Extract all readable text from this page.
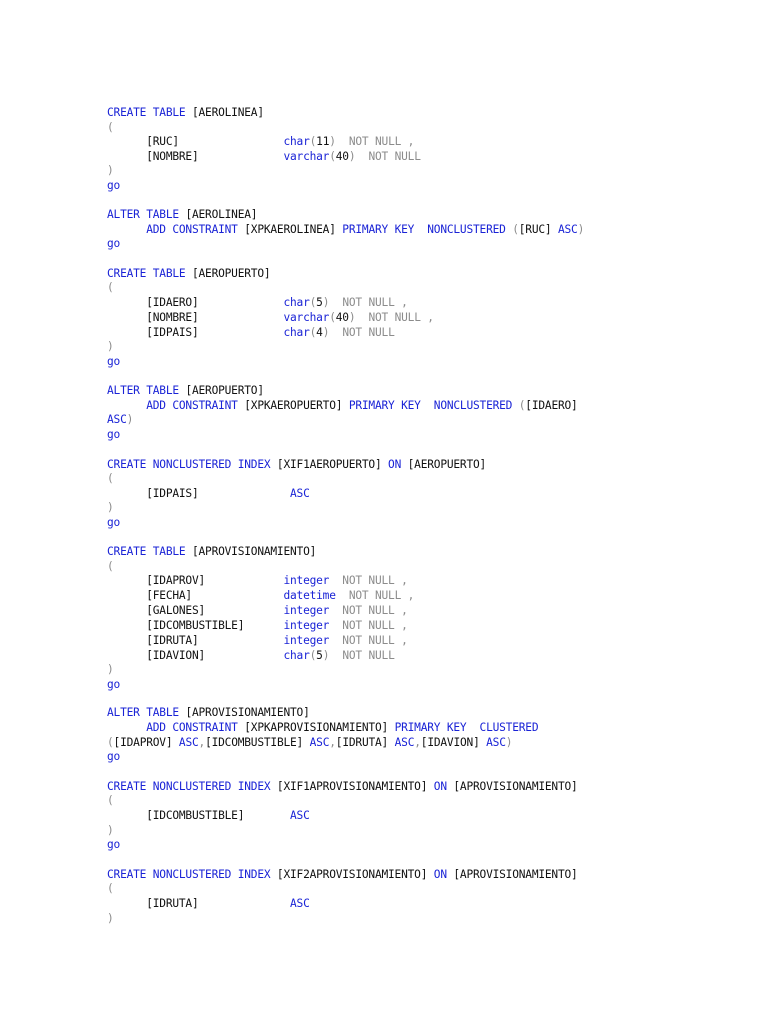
CREATE TABLE [AEROLINEA]
(
[RUC]                char(11)  NOT NULL ,
[NOMBRE]             varchar(40)  NOT NULL
)
go
ALTER TABLE [AEROLINEA]
ADD CONSTRAINT [XPKAEROLINEA] PRIMARY KEY  NONCLUSTERED ([RUC] ASC)
go
CREATE TABLE [AEROPUERTO]
(
[IDAERO]             char(5)  NOT NULL ,
[NOMBRE]             varchar(40)  NOT NULL ,
[IDPAIS]             char(4)  NOT NULL
)
go
ALTER TABLE [AEROPUERTO]
ADD CONSTRAINT [XPKAEROPUERTO] PRIMARY KEY  NONCLUSTERED ([IDAERO]
ASC)
go
CREATE NONCLUSTERED INDEX [XIF1AEROPUERTO] ON [AEROPUERTO]
(
[IDPAIS]              ASC
)
go
CREATE TABLE [APROVISIONAMIENTO]
(
[IDAPROV]            integer  NOT NULL ,
[FECHA]              datetime  NOT NULL ,
[GALONES]            integer  NOT NULL ,
[IDCOMBUSTIBLE]      integer  NOT NULL ,
[IDRUTA]             integer  NOT NULL ,
[IDAVION]            char(5)  NOT NULL
)
go
ALTER TABLE [APROVISIONAMIENTO]
ADD CONSTRAINT [XPKAPROVISIONAMIENTO] PRIMARY KEY  CLUSTERED
([IDAPROV] ASC,[IDCOMBUSTIBLE] ASC,[IDRUTA] ASC,[IDAVION] ASC)
go
CREATE NONCLUSTERED INDEX [XIF1APROVISIONAMIENTO] ON [APROVISIONAMIENTO]
(
[IDCOMBUSTIBLE]       ASC
)
go
CREATE NONCLUSTERED INDEX [XIF2APROVISIONAMIENTO] ON [APROVISIONAMIENTO]
(
[IDRUTA]              ASC
)
